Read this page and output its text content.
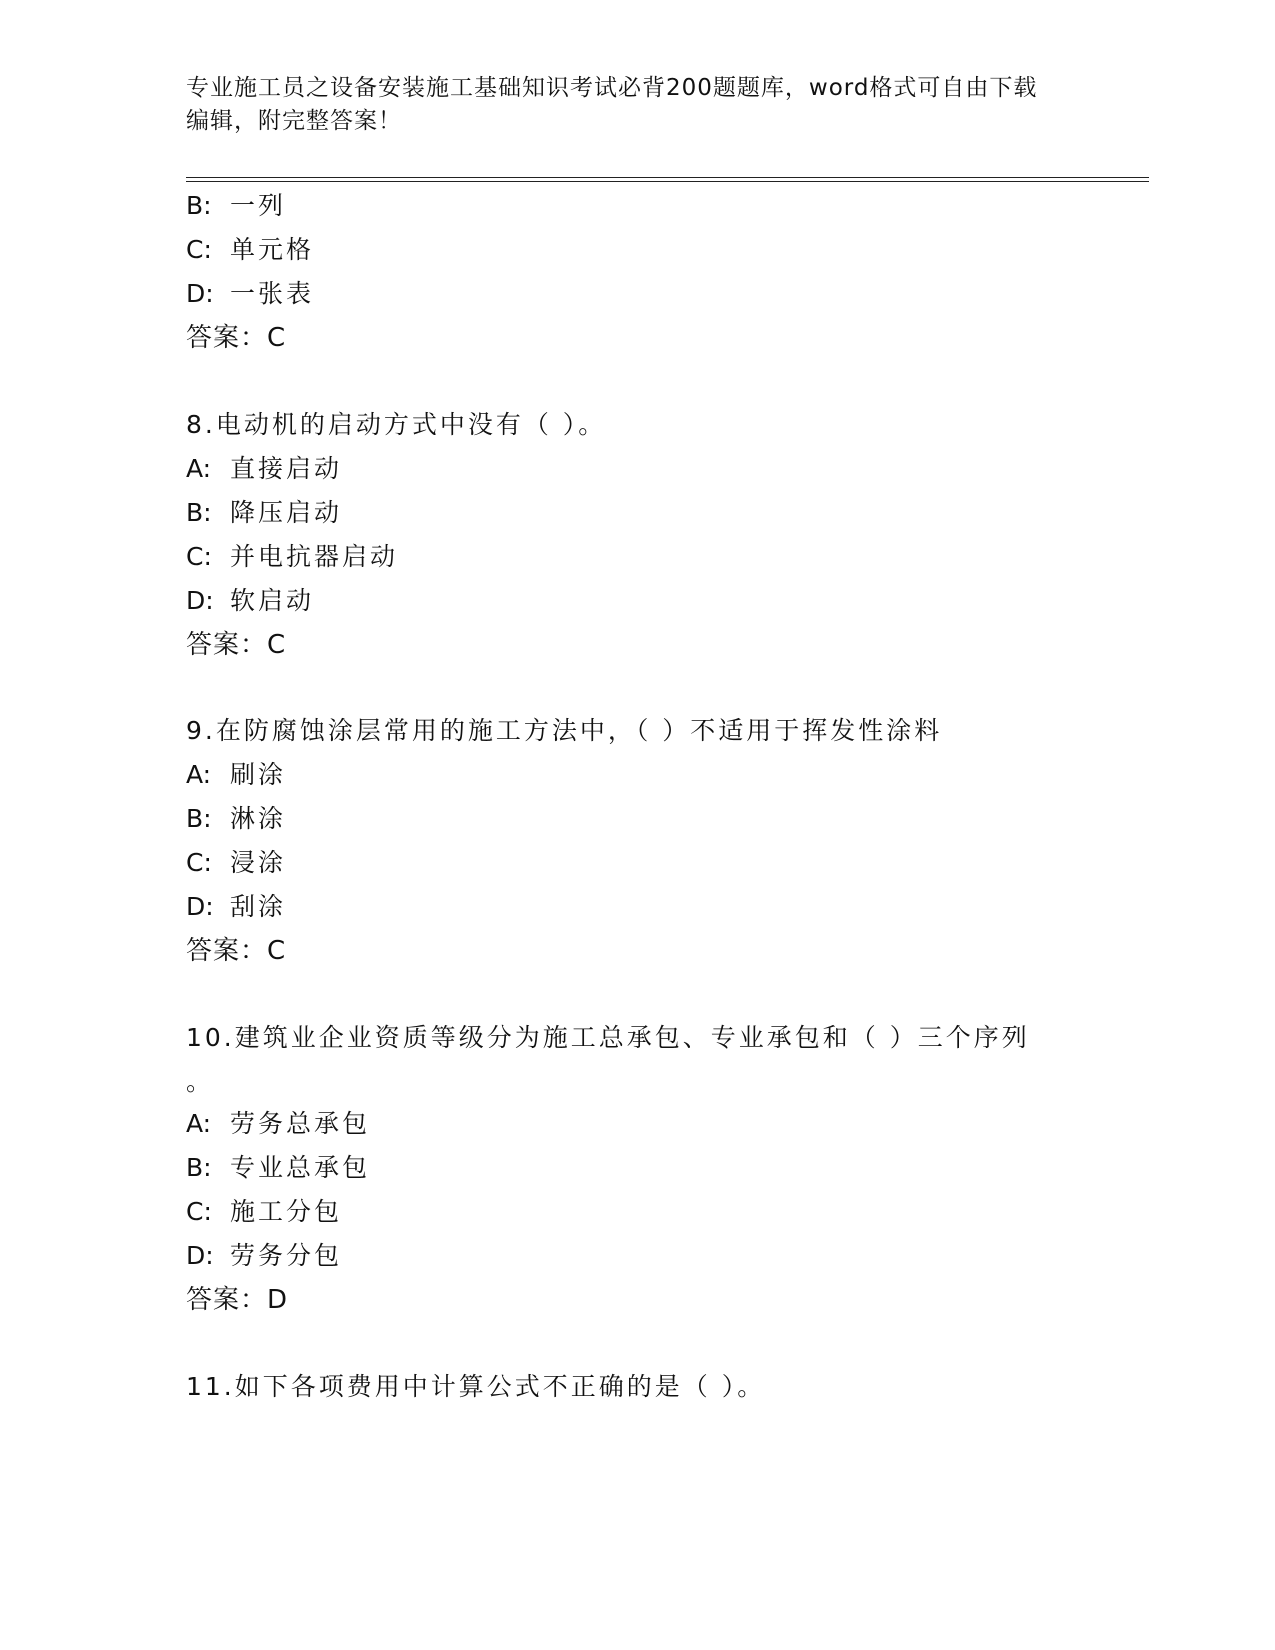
专业施工员之设备安装施工基础知识考试必背200题题库，word格式可自由下载
编辑，附完整答案！
B: 一列
C: 单元格
D: 一张表
答案：C
8.电动机的启动方式中没有（ ）。
A: 直接启动
B: 降压启动
C: 并电抗器启动
D: 软启动
答案：C
9.在防腐蚀涂层常用的施工方法中，（ ）不适用于挥发性涂料
A: 刷涂
B: 淋涂
C: 浸涂
D: 刮涂
答案：C
10.建筑业企业资质等级分为施工总承包、专业承包和（ ）三个序列
。
A: 劳务总承包
B: 专业总承包
C: 施工分包
D: 劳务分包
答案：D
11.如下各项费用中计算公式不正确的是（ ）。
